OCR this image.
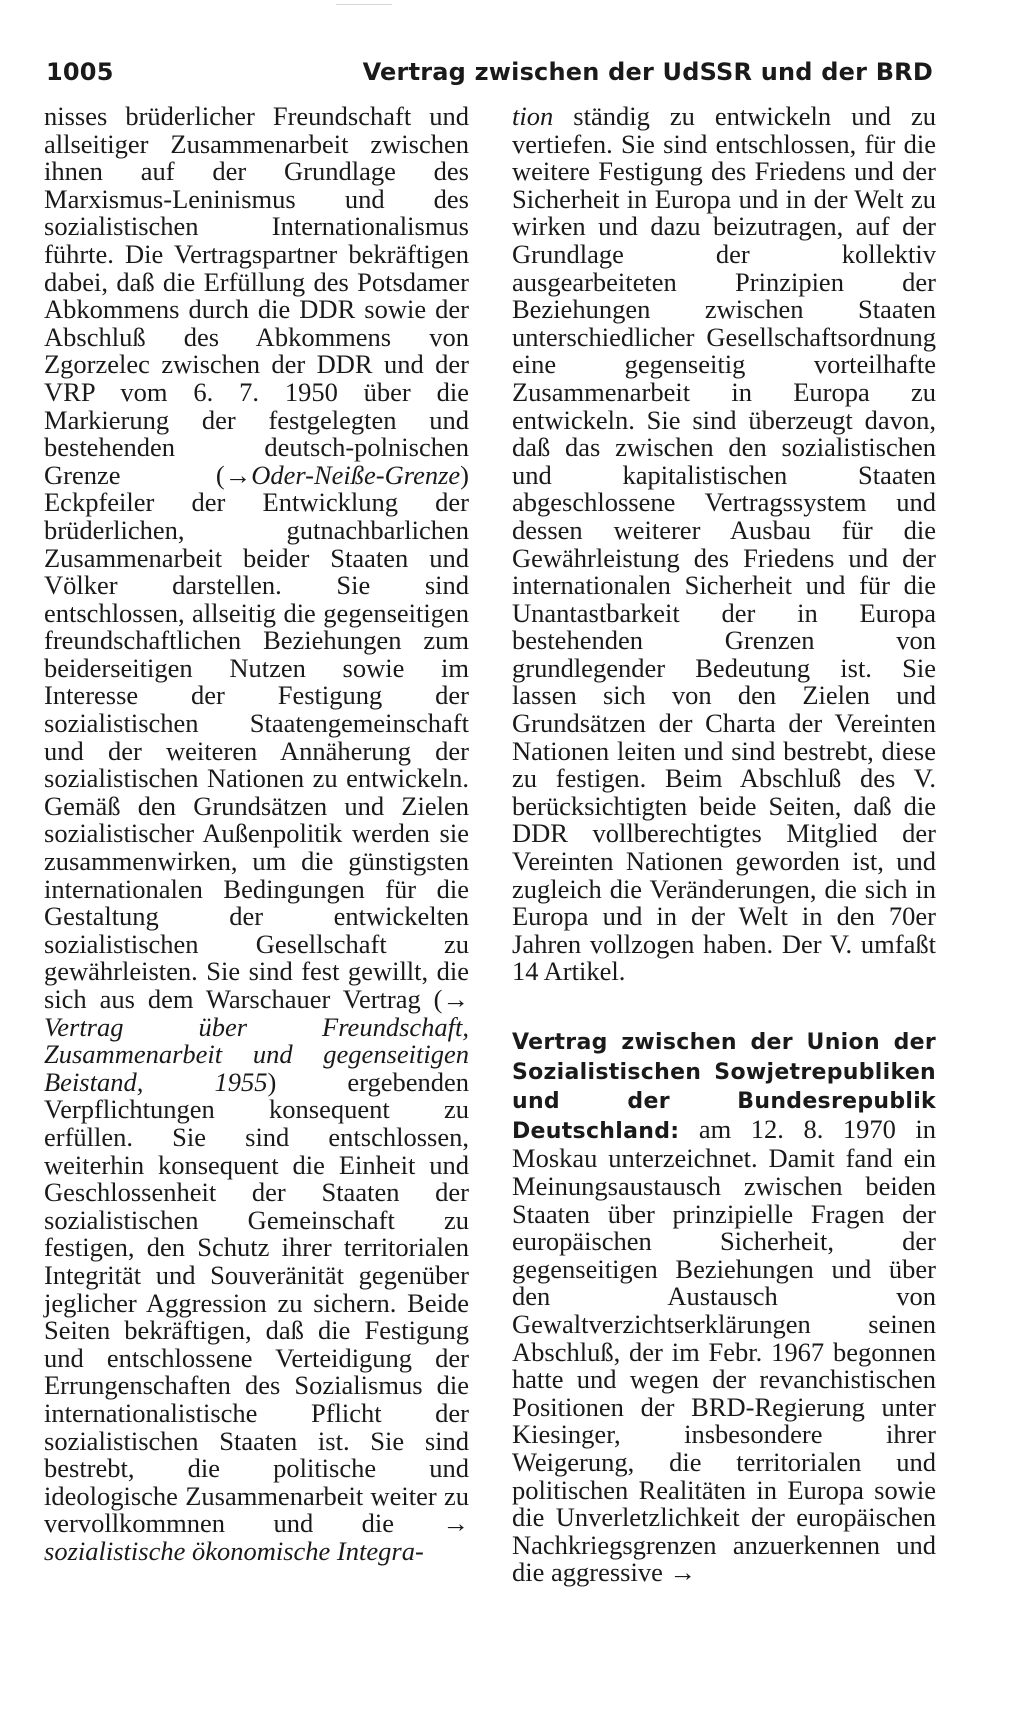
1005	Vertrag zwischen der UdSSR und der BRD

nisses brüderlicher Freundschaft und allseitiger Zusammenarbeit zwischen ihnen auf der Grundlage des Marxismus-Leninismus und des sozialistischen Internationalismus führte. Die Vertragspartner bekräftigen dabei, daß die Erfüllung des Potsdamer Abkommens durch die DDR sowie der Abschluß des Abkommens von Zgorzelec zwischen der DDR und der VRP vom 6. 7. 1950 über die Markierung der festgelegten und bestehenden deutsch-polnischen Grenze (→Oder-Neiße-Grenze) Eckpfeiler der Entwicklung der brüderlichen, gutnachbarlichen Zusammenarbeit beider Staaten und Völker darstellen. Sie sind entschlossen, allseitig die gegenseitigen freundschaftlichen Beziehungen zum beiderseitigen Nutzen sowie im Interesse der Festigung der sozialistischen Staatengemeinschaft und der weiteren Annäherung der sozialistischen Nationen zu entwickeln. Gemäß den Grundsätzen und Zielen sozialistischer Außenpolitik werden sie zusammenwirken, um die günstigsten internationalen Bedingungen für die Gestaltung der entwickelten sozialistischen Gesellschaft zu gewährleisten. Sie sind fest gewillt, die sich aus dem Warschauer Vertrag (→ Vertrag über Freundschaft, Zusammenarbeit und gegenseitigen Beistand, 1955) ergebenden Verpflichtungen konsequent zu erfüllen. Sie sind entschlossen, weiterhin konsequent die Einheit und Geschlossenheit der Staaten der sozialistischen Gemeinschaft zu festigen, den Schutz ihrer territorialen Integrität und Souveränität gegenüber jeglicher Aggression zu sichern. Beide Seiten bekräftigen, daß die Festigung und entschlossene Verteidigung der Errungenschaften des Sozialismus die internationalistische Pflicht der sozialistischen Staaten ist. Sie sind bestrebt, die politische und ideologische Zusammenarbeit weiter zu vervollkommnen und die → sozialistische ökonomische Integra-

tion ständig zu entwickeln und zu vertiefen. Sie sind entschlossen, für die weitere Festigung des Friedens und der Sicherheit in Europa und in der Welt zu wirken und dazu beizutragen, auf der Grundlage der kollektiv ausgearbeiteten Prinzipien der Beziehungen zwischen Staaten unterschiedlicher Gesellschaftsordnung eine gegenseitig vorteilhafte Zusammenarbeit in Europa zu entwickeln. Sie sind überzeugt davon, daß das zwischen den sozialistischen und kapitalistischen Staaten abgeschlossene Vertragssystem und dessen weiterer Ausbau für die Gewährleistung des Friedens und der internationalen Sicherheit und für die Unantastbarkeit der in Europa bestehenden Grenzen von grundlegender Bedeutung ist. Sie lassen sich von den Zielen und Grundsätzen der Charta der Vereinten Nationen leiten und sind bestrebt, diese zu festigen. Beim Abschluß des V. berücksichtigten beide Seiten, daß die DDR vollberechtigtes Mitglied der Vereinten Nationen geworden ist, und zugleich die Veränderungen, die sich in Europa und in der Welt in den 70er Jahren vollzogen haben. Der V. umfaßt 14 Artikel.

Vertrag zwischen der Union der Sozialistischen Sowjetrepubliken und der Bundesrepublik Deutschland: am 12. 8. 1970 in Moskau unterzeichnet. Damit fand ein Meinungsaustausch zwischen beiden Staaten über prinzipielle Fragen der europäischen Sicherheit, der gegenseitigen Beziehungen und über den Austausch von Gewaltverzichtserklärungen seinen Abschluß, der im Febr. 1967 begonnen hatte und wegen der revanchistischen Positionen der BRD-Regierung unter Kiesinger, insbesondere ihrer Weigerung, die territorialen und politischen Realitäten in Europa sowie die Unverletzlichkeit der europäischen Nachkriegsgrenzen anzuerkennen und die aggressive →
